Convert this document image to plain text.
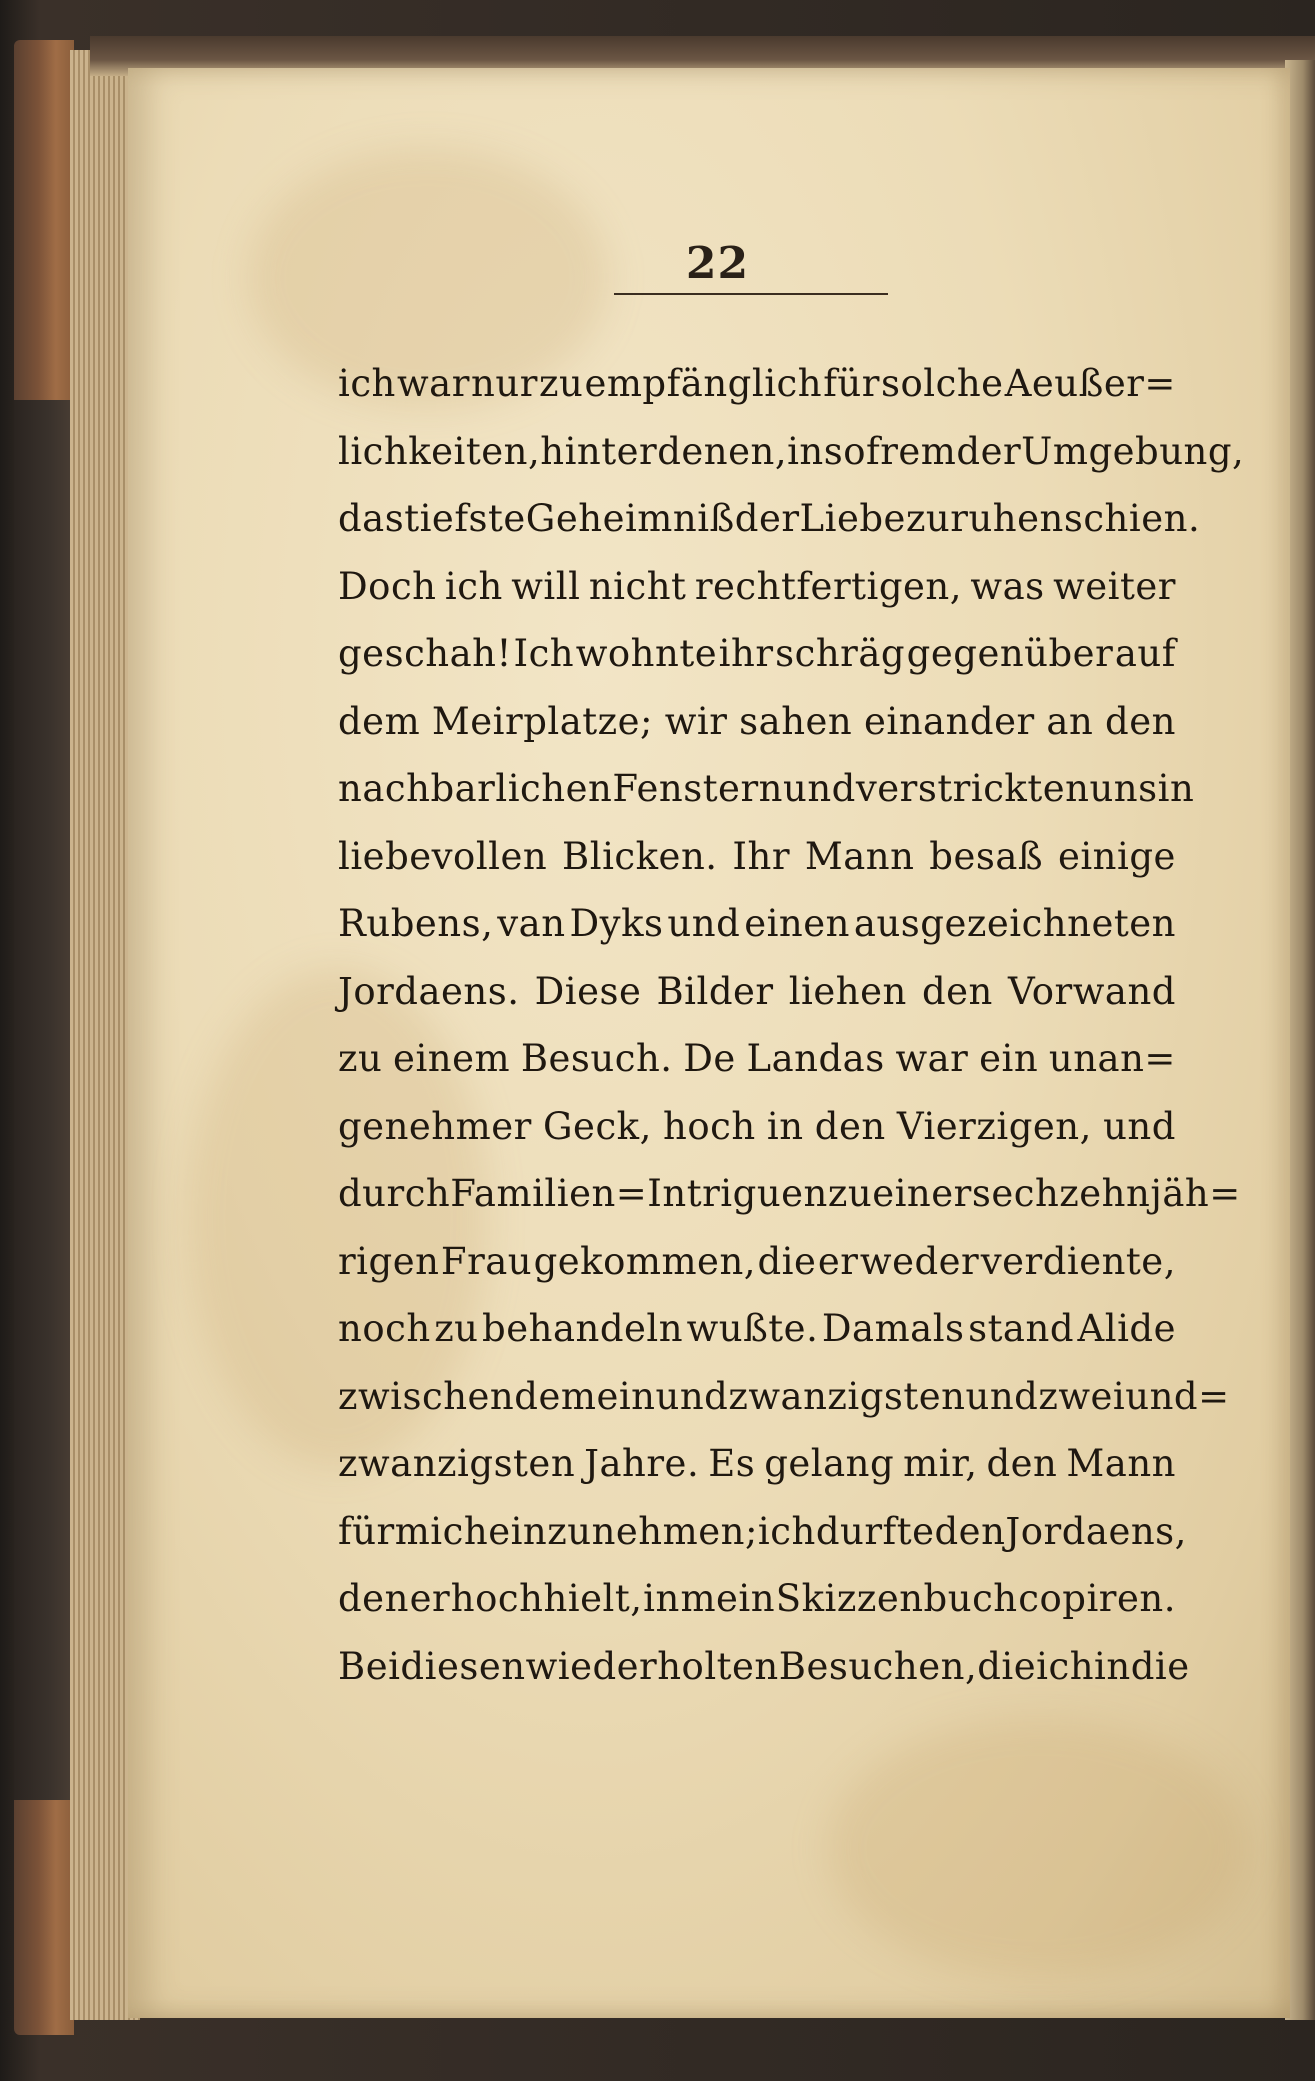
22
ich war nur zu empfänglich für solche Aeußer=
lichkeiten, hinter denen, in so fremder Umgebung,
das tiefste Geheimniß der Liebe zu ruhen schien.
Doch ich will nicht rechtfertigen, was weiter
geschah! Ich wohnte ihr schräg gegenüber auf
dem Meirplatze; wir sahen einander an den
nachbarlichen Fenstern und verstrickten uns in
liebevollen Blicken. Ihr Mann besaß einige
Rubens, van Dyks und einen ausgezeichneten
Jordaens. Diese Bilder liehen den Vorwand
zu einem Besuch. De Landas war ein unan=
genehmer Geck, hoch in den Vierzigen, und
durch Familien=Intriguen zu einer sechzehnjäh=
rigen Frau gekommen, die er weder verdiente,
noch zu behandeln wußte. Damals stand Alide
zwischen dem einundzwanzigsten und zweiund=
zwanzigsten Jahre. Es gelang mir, den Mann
für mich einzunehmen; ich durfte den Jordaens,
den er hochhielt, in mein Skizzenbuch copiren.
Bei diesen wiederholten Besuchen, die ich in die
